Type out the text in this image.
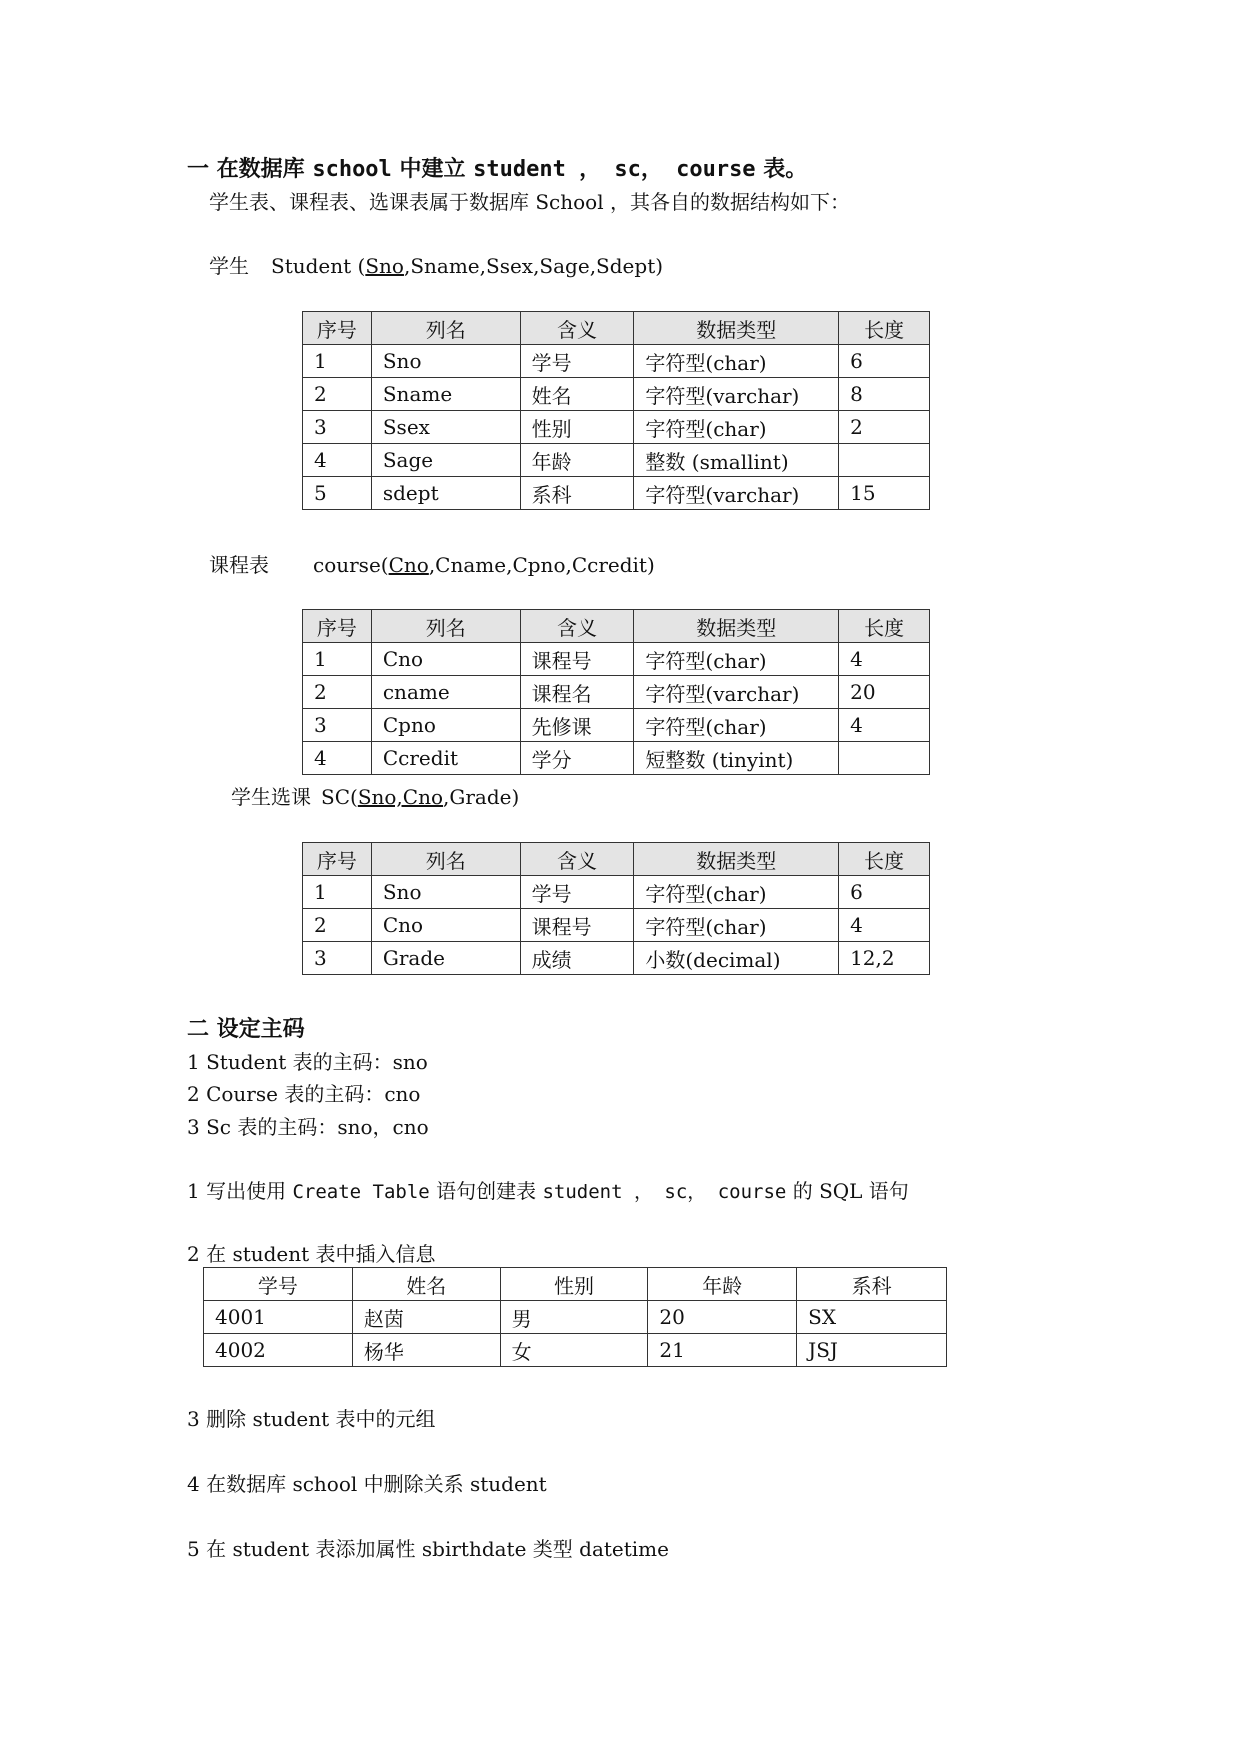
一 在数据库 school 中建立 student ， sc， course 表。
学生表、课程表、选课表属于数据库 School ，其各自的数据结构如下：
学生 Student (Sno,Sname,Ssex,Sage,Sdept)
序号	列名	含义	数据类型	长度
1	Sno	学号	字符型(char)	6
2	Sname	姓名	字符型(varchar)	8
3	Ssex	性别	字符型(char)	2
4	Sage	年龄	整数 (smallint)	
5	sdept	系科	字符型(varchar)	15
课程表 course(Cno,Cname,Cpno,Ccredit)
序号	列名	含义	数据类型	长度
1	Cno	课程号	字符型(char)	4
2	cname	课程名	字符型(varchar)	20
3	Cpno	先修课	字符型(char)	4
4	Ccredit	学分	短整数 (tinyint)	
学生选课 SC(Sno,Cno,Grade)
序号	列名	含义	数据类型	长度
1	Sno	学号	字符型(char)	6
2	Cno	课程号	字符型(char)	4
3	Grade	成绩	小数(decimal)	12,2
二 设定主码
1 Student 表的主码：sno
2 Course 表的主码：cno
3 Sc 表的主码：sno，cno
1 写出使用 Create Table 语句创建表 student ， sc， course 的 SQL 语句
2 在 student 表中插入信息
学号	姓名	性别	年龄	系科
4001	赵茵	男	20	SX
4002	杨华	女	21	JSJ
3 删除 student 表中的元组
4 在数据库 school 中删除关系 student
5 在 student 表添加属性 sbirthdate 类型 datetime
